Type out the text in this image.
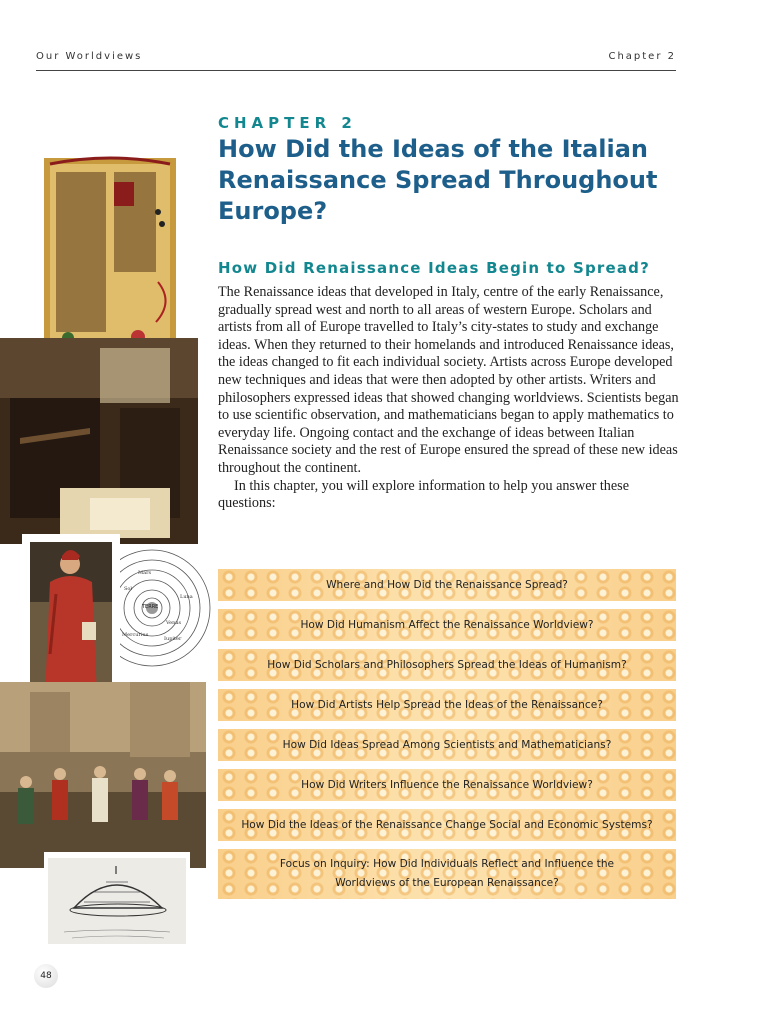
Our Worldviews	Chapter 2
TERRE
Mars
Luna
Venus
Mercurius
Sol
Iupiter
CHAPTER 2
How Did the Ideas of the Italian Renaissance Spread Throughout Europe?
How Did Renaissance Ideas Begin to Spread?

The Renaissance ideas that developed in Italy, centre of the early Renaissance, gradually spread west and north to all areas of western Europe. Scholars and artists from all of Europe travelled to Italy’s city-states to study and exchange ideas. When they returned to their homelands and introduced Renaissance ideas, the ideas changed to fit each individual society. Artists across Europe developed new techniques and ideas that were then adopted by other artists. Writers and philosophers expressed ideas that showed changing worldviews. Scientists began to use scientific observation, and mathematicians began to apply mathematics to everyday life. Ongoing contact and the exchange of ideas between Italian Renaissance society and the rest of Europe ensured the spread of these new ideas throughout the continent.

In this chapter, you will explore information to help you answer these questions:

Where and How Did the Renaissance Spread?
How Did Humanism Affect the Renaissance Worldview?
How Did Scholars and Philosophers Spread the Ideas of Humanism?
How Did Artists Help Spread the Ideas of the Renaissance?
How Did Ideas Spread Among Scientists and Mathematicians?
How Did Writers Influence the Renaissance Worldview?
How Did the Ideas of the Renaissance Change Social and Economic Systems?
Focus on Inquiry: How Did Individuals Reflect and Influence the Worldviews of the European Renaissance?
48
